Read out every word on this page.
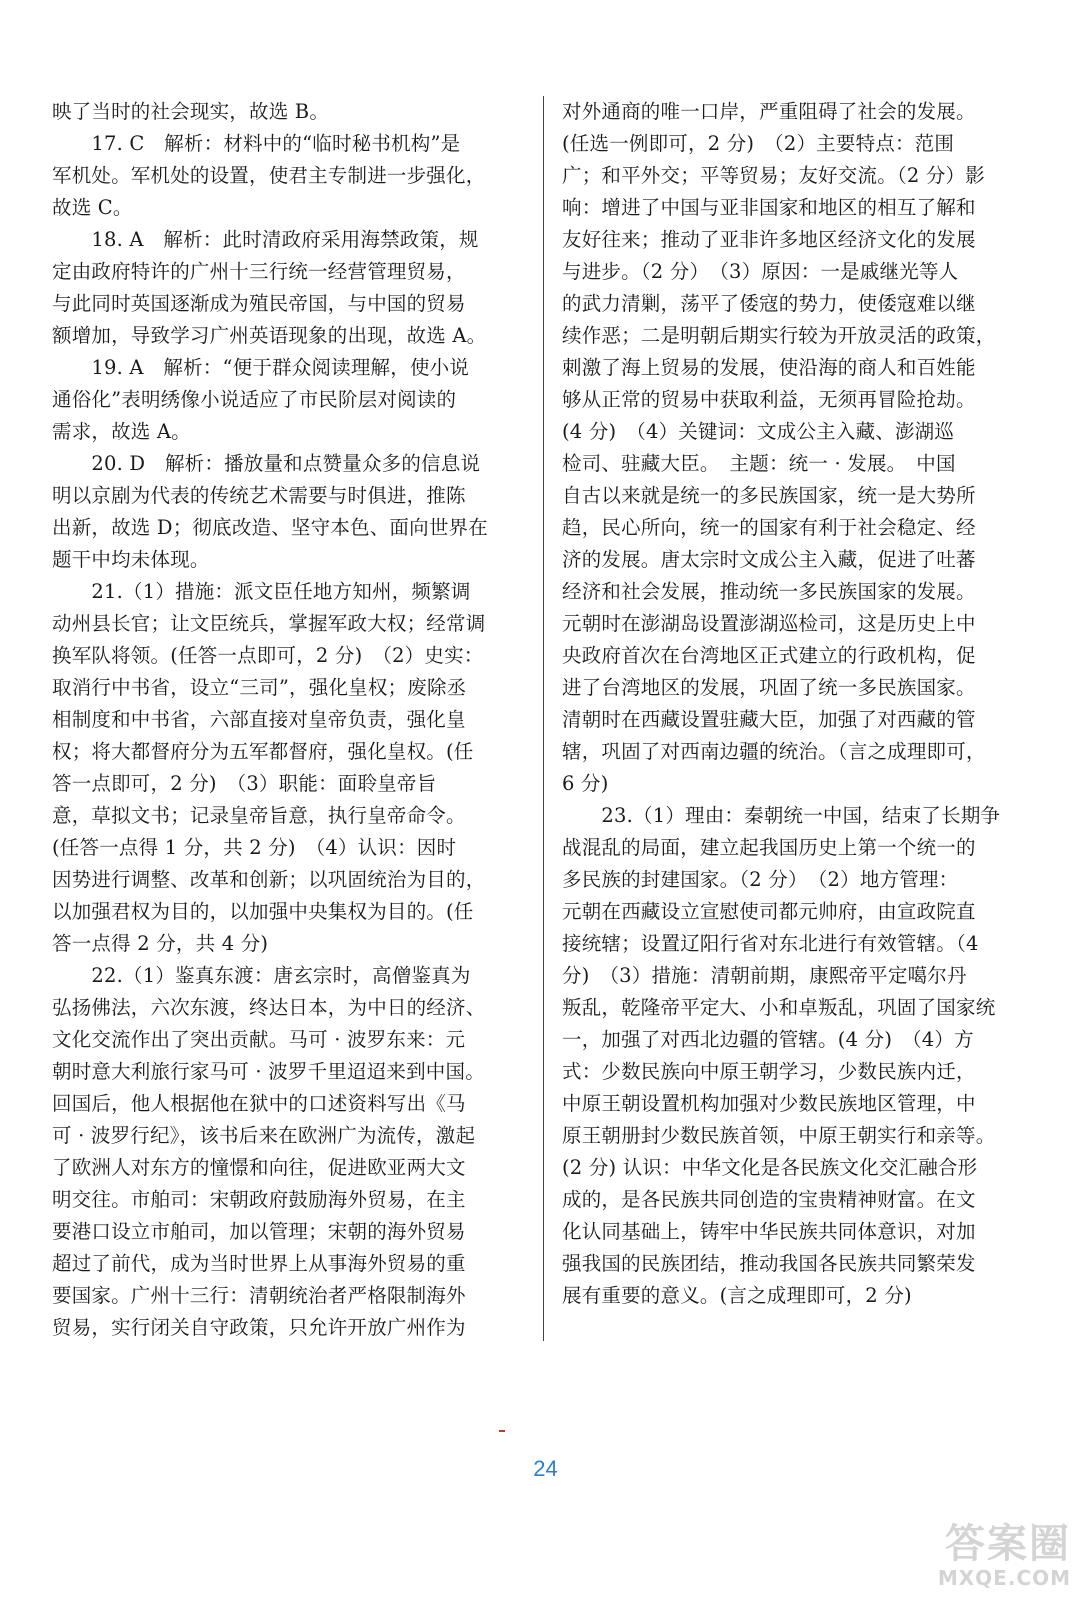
映了当时的社会现实，故选 B。
　　17. C　解析：材料中的“临时秘书机构”是
军机处。军机处的设置，使君主专制进一步强化，
故选 C。
　　18. A　解析：此时清政府采用海禁政策，规
定由政府特许的广州十三行统一经营管理贸易，
与此同时英国逐渐成为殖民帝国，与中国的贸易
额增加，导致学习广州英语现象的出现，故选 A。
　　19. A　解析：“便于群众阅读理解，使小说
通俗化”表明绣像小说适应了市民阶层对阅读的
需求，故选 A。
　　20. D　解析：播放量和点赞量众多的信息说
明以京剧为代表的传统艺术需要与时俱进，推陈
出新，故选 D；彻底改造、坚守本色、面向世界在
题干中均未体现。
　　21.（1）措施：派文臣任地方知州，频繁调
动州县长官；让文臣统兵，掌握军政大权；经常调
换军队将领。(任答一点即可，2 分)　（2）史实：
取消行中书省，设立“三司”，强化皇权；废除丞
相制度和中书省，六部直接对皇帝负责，强化皇
权；将大都督府分为五军都督府，强化皇权。(任
答一点即可，2 分)　（3）职能：面聆皇帝旨
意，草拟文书；记录皇帝旨意，执行皇帝命令。
(任答一点得 1 分，共 2 分)　（4）认识：因时
因势进行调整、改革和创新；以巩固统治为目的，
以加强君权为目的，以加强中央集权为目的。(任
答一点得 2 分，共 4 分)
　　22.（1）鉴真东渡：唐玄宗时，高僧鉴真为
弘扬佛法，六次东渡，终达日本，为中日的经济、
文化交流作出了突出贡献。马可 · 波罗东来：元
朝时意大利旅行家马可 · 波罗千里迢迢来到中国。
回国后，他人根据他在狱中的口述资料写出《马
可 · 波罗行纪》，该书后来在欧洲广为流传，激起
了欧洲人对东方的憧憬和向往，促进欧亚两大文
明交往。市舶司：宋朝政府鼓励海外贸易，在主
要港口设立市舶司，加以管理；宋朝的海外贸易
超过了前代，成为当时世界上从事海外贸易的重
要国家。广州十三行：清朝统治者严格限制海外
贸易，实行闭关自守政策，只允许开放广州作为
对外通商的唯一口岸，严重阻碍了社会的发展。
(任选一例即可，2 分)　（2）主要特点：范围
广；和平外交；平等贸易；友好交流。（2 分）影
响：增进了中国与亚非国家和地区的相互了解和
友好往来；推动了亚非许多地区经济文化的发展
与进步。（2 分）　（3）原因：一是戚继光等人
的武力清剿，荡平了倭寇的势力，使倭寇难以继
续作恶；二是明朝后期实行较为开放灵活的政策，
刺激了海上贸易的发展，使沿海的商人和百姓能
够从正常的贸易中获取利益，无须再冒险抢劫。
(4 分)　（4）关键词：文成公主入藏、澎湖巡
检司、驻藏大臣。　主题：统一 · 发展。　中国
自古以来就是统一的多民族国家，统一是大势所
趋，民心所向，统一的国家有利于社会稳定、经
济的发展。唐太宗时文成公主入藏，促进了吐蕃
经济和社会发展，推动统一多民族国家的发展。
元朝时在澎湖岛设置澎湖巡检司，这是历史上中
央政府首次在台湾地区正式建立的行政机构，促
进了台湾地区的发展，巩固了统一多民族国家。
清朝时在西藏设置驻藏大臣，加强了对西藏的管
辖，巩固了对西南边疆的统治。（言之成理即可，
6 分)
　　23.（1）理由：秦朝统一中国，结束了长期争
战混乱的局面，建立起我国历史上第一个统一的
多民族的封建国家。（2 分）　（2）地方管理：
元朝在西藏设立宣慰使司都元帅府，由宣政院直
接统辖；设置辽阳行省对东北进行有效管辖。（4
分)　（3）措施：清朝前期，康熙帝平定噶尔丹
叛乱，乾隆帝平定大、小和卓叛乱，巩固了国家统
一，加强了对西北边疆的管辖。(4 分)　（4）方
式：少数民族向中原王朝学习，少数民族内迁，
中原王朝设置机构加强对少数民族地区管理，中
原王朝册封少数民族首领，中原王朝实行和亲等。
(2 分) 认识：中华文化是各民族文化交汇融合形
成的，是各民族共同创造的宝贵精神财富。在文
化认同基础上，铸牢中华民族共同体意识，对加
强我国的民族团结，推动我国各民族共同繁荣发
展有重要的意义。(言之成理即可，2 分)
24
答案圈
MXQE.COM
